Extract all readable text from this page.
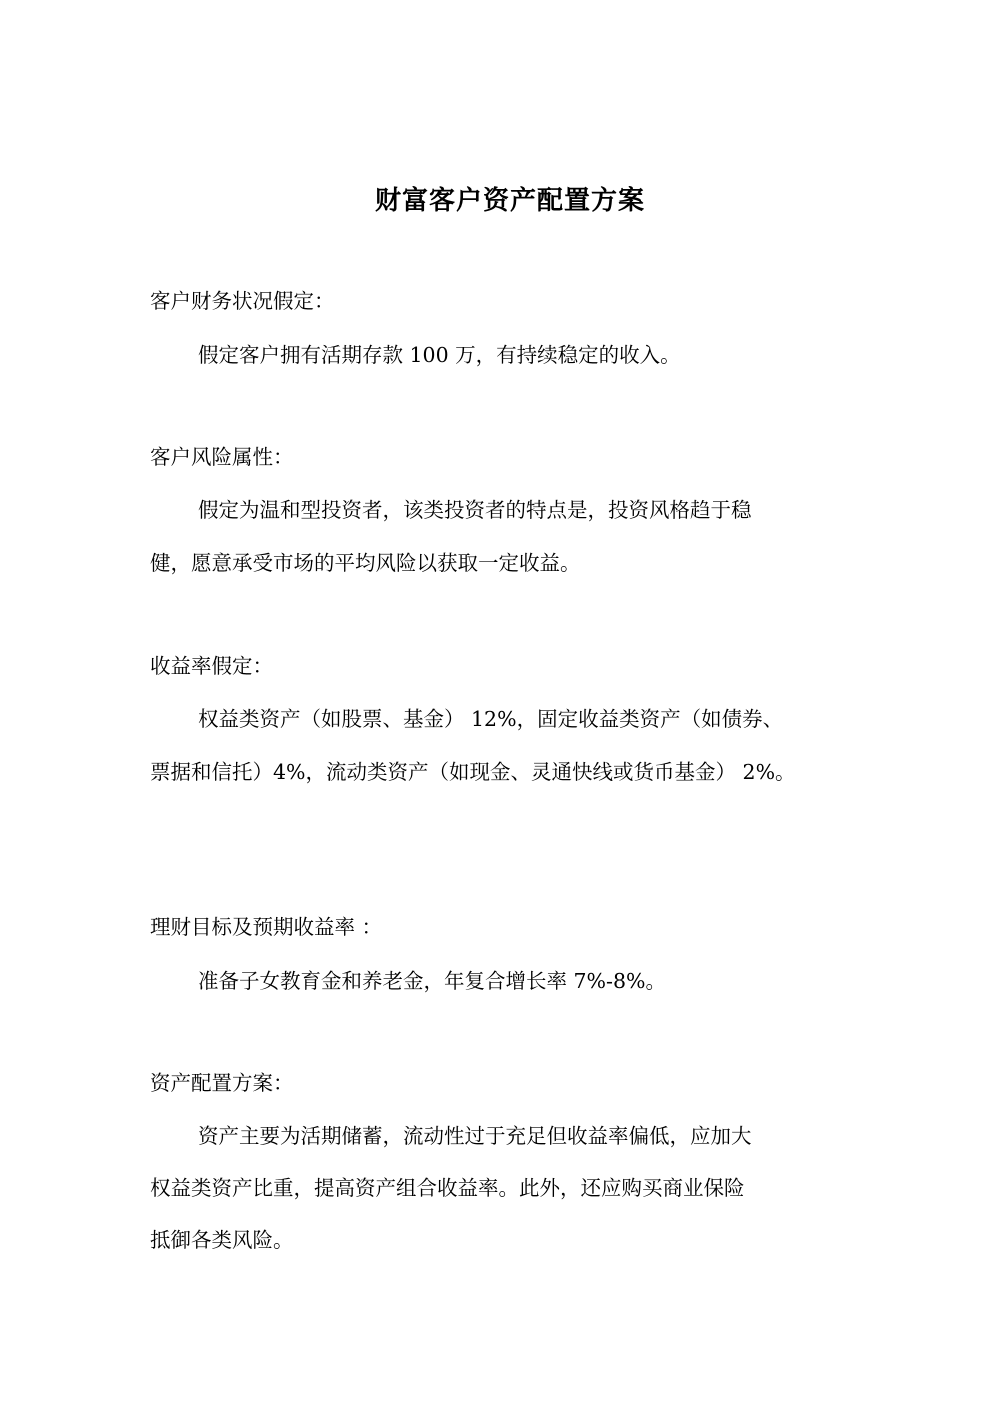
财富客户资产配置方案

客户财务状况假定：

假定客户拥有活期存款 100 万，有持续稳定的收入。

客户风险属性：

假定为温和型投资者，该类投资者的特点是，投资风格趋于稳

健，愿意承受市场的平均风险以获取一定收益。

收益率假定：

权益类资产（如股票、基金） 12%，固定收益类资产（如债券、

票据和信托）4%，流动类资产（如现金、灵通快线或货币基金） 2%。

理财目标及预期收益率 ：

准备子女教育金和养老金，年复合增长率 7%-8%。

资产配置方案：

资产主要为活期储蓄，流动性过于充足但收益率偏低，应加大

权益类资产比重，提高资产组合收益率。此外，还应购买商业保险

抵御各类风险。
